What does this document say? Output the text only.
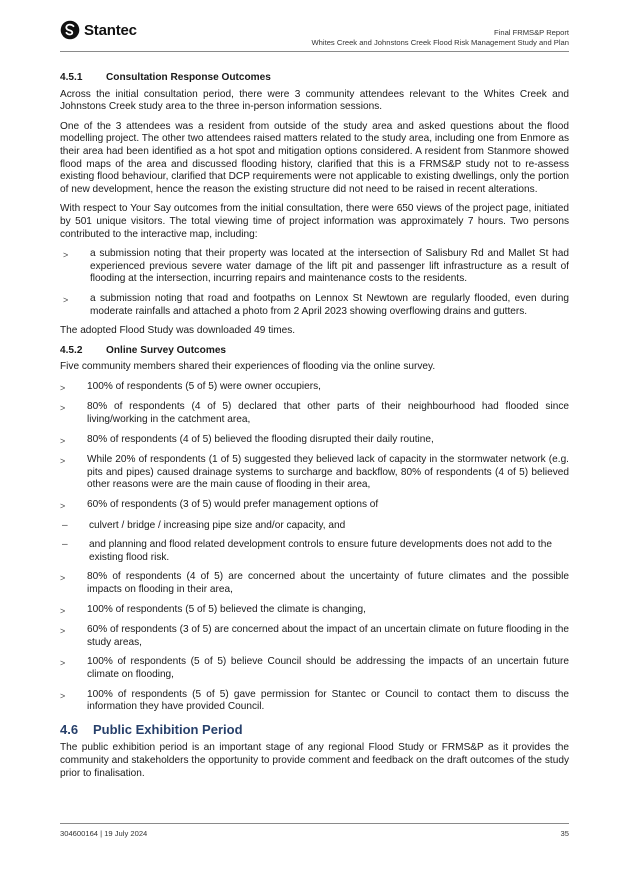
Stantec	Final FRMS&P Report
Whites Creek and Johnstons Creek Flood Risk Management Study and Plan
4.5.1	Consultation Response Outcomes

Across the initial consultation period, there were 3 community attendees relevant to the Whites Creek and Johnstons Creek study area to the three in-person information sessions.

One of the 3 attendees was a resident from outside of the study area and asked questions about the flood modelling project. The other two attendees raised matters related to the study area, including one from Enmore as their area had been identified as a hot spot and mitigation options considered. A resident from Stanmore showed flood maps of the area and discussed flooding history, clarified that this is a FRMS&P study not to re-assess existing flood behaviour, clarified that DCP requirements were not applicable to existing dwellings, only the portion of new development, hence the reason the existing structure did not need to be raised in recent alterations.

With respect to Your Say outcomes from the initial consultation, there were 650 views of the project page, initiated by 501 unique visitors. The total viewing time of project information was approximately 7 hours. Two persons contributed to the interactive map, including:

>	a submission noting that their property was located at the intersection of Salisbury Rd and Mallet St had experienced previous severe water damage of the lift pit and passenger lift infrastructure as a result of flooding at the intersection, incurring repairs and maintenance costs to the residents.
>	a submission noting that road and footpaths on Lennox St Newtown are regularly flooded, even during moderate rainfalls and attached a photo from 2 April 2023 showing overflowing drains and gutters.

The adopted Flood Study was downloaded 49 times.

4.5.2	Online Survey Outcomes

Five community members shared their experiences of flooding via the online survey.

>	100% of respondents (5 of 5) were owner occupiers,
>	80% of respondents (4 of 5) declared that other parts of their neighbourhood had flooded since living/working in the catchment area,
>	80% of respondents (4 of 5) believed the flooding disrupted their daily routine,
>	While 20% of respondents (1 of 5) suggested they believed lack of capacity in the stormwater network (e.g. pits and pipes) caused drainage systems to surcharge and backflow, 80% of respondents (4 of 5) believed other reasons were are the main cause of flooding in their area,
>	60% of respondents (3 of 5) would prefer management options of
–	culvert / bridge / increasing pipe size and/or capacity, and
–	and planning and flood related development controls to ensure future developments does not add to the existing flood risk.
>	80% of respondents (4 of 5) are concerned about the uncertainty of future climates and the possible impacts on flooding in their area,
>	100% of respondents (5 of 5) believed the climate is changing,
>	60% of respondents (3 of 5) are concerned about the impact of an uncertain climate on future flooding in the study areas,
>	100% of respondents (5 of 5) believe Council should be addressing the impacts of an uncertain future climate on flooding,
>	100% of respondents (5 of 5) gave permission for Stantec or Council to contact them to discuss the information they have provided Council.
4.6	Public Exhibition Period

The public exhibition period is an important stage of any regional Flood Study or FRMS&P as it provides the community and stakeholders the opportunity to provide comment and feedback on the draft outcomes of the study prior to finalisation.

304600164 | 19 July 2024	35
